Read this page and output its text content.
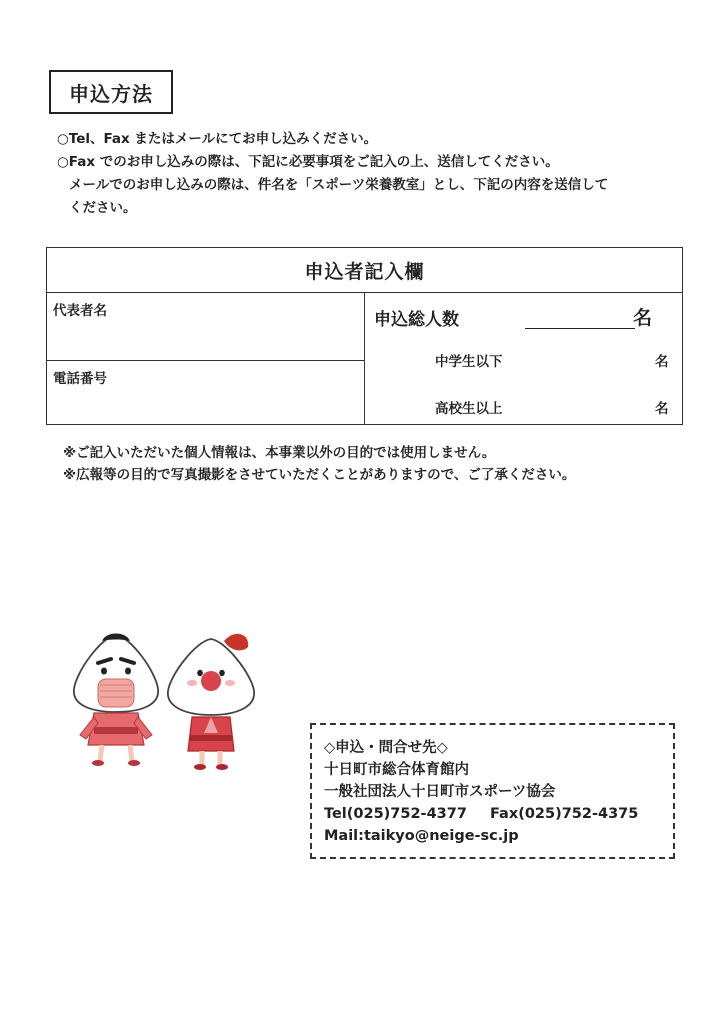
申込方法
○Tel、Fax またはメールにてお申し込みください。
○Fax でのお申し込みの際は、下記に必要事項をご記入の上、送信してください。
メールでのお申し込みの際は、件名を「スポーツ栄養教室」とし、下記の内容を送信して
ください。
申込者記入欄
代表者名
電話番号
申込総人数	名
中学生以下	名
高校生以上	名
※ご記入いただいた個人情報は、本事業以外の目的では使用しません。
※広報等の目的で写真撮影をさせていただくことがありますので、ご了承ください。
◇申込・問合せ先◇
十日町市総合体育館内
一般社団法人十日町市スポーツ協会
Tel(025)752-4377 Fax(025)752-4375
Mail:taikyo@neige-sc.jp
